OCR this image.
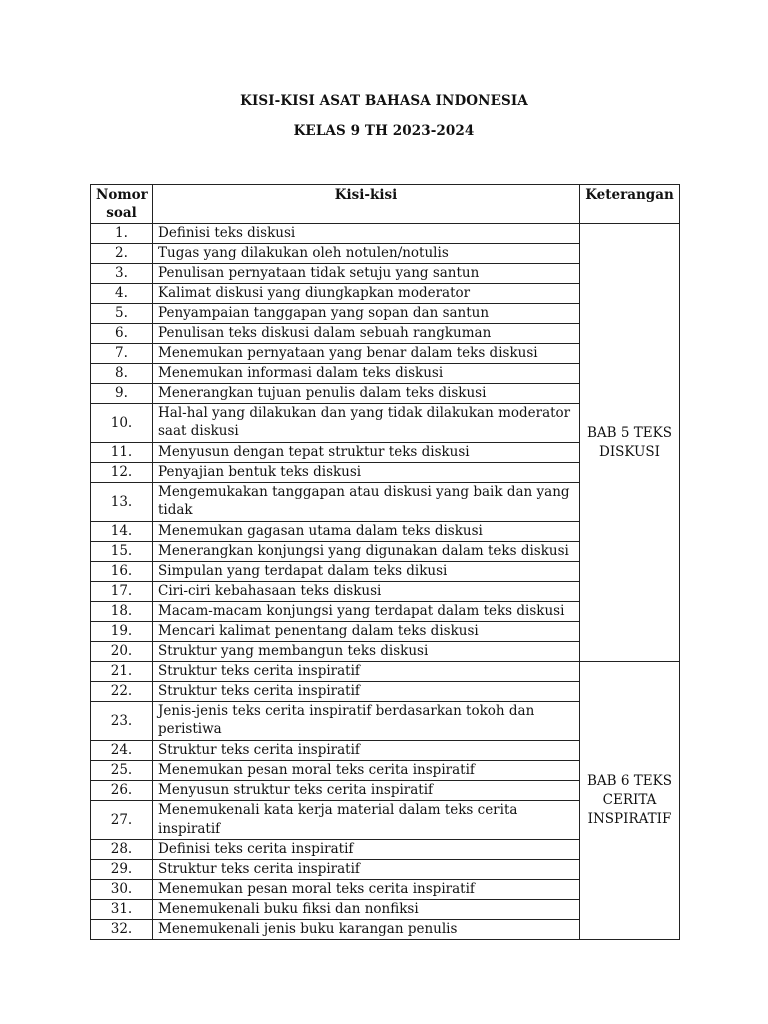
KISI-KISI ASAT BAHASA INDONESIA
KELAS 9 TH 2023-2024
Nomor soal	Kisi-kisi	Keterangan
1.	Definisi teks diskusi	BAB 5 TEKS DISKUSI
2.	Tugas yang dilakukan oleh notulen/notulis	
3.	Penulisan pernyataan tidak setuju yang santun	
4.	Kalimat diskusi yang diungkapkan moderator	
5.	Penyampaian tanggapan yang sopan dan santun	
6.	Penulisan teks diskusi dalam sebuah rangkuman	
7.	Menemukan pernyataan yang benar dalam teks diskusi	
8.	Menemukan informasi dalam teks diskusi	
9.	Menerangkan tujuan penulis dalam teks diskusi	
10.	Hal-hal yang dilakukan dan yang tidak dilakukan moderator saat diskusi	
11.	Menyusun dengan tepat struktur teks diskusi	
12.	Penyajian bentuk teks diskusi	
13.	Mengemukakan tanggapan atau diskusi yang baik dan yang tidak	
14.	Menemukan gagasan utama dalam teks diskusi	
15.	Menerangkan konjungsi yang digunakan dalam teks diskusi	
16.	Simpulan yang terdapat dalam teks dikusi	
17.	Ciri-ciri kebahasaan teks diskusi	
18.	Macam-macam konjungsi yang terdapat dalam teks diskusi	
19.	Mencari kalimat penentang dalam teks diskusi	
20.	Struktur yang membangun teks diskusi	
21.	Struktur teks cerita inspiratif	BAB 6 TEKS CERITA INSPIRATIF
22.	Struktur teks cerita inspiratif	
23.	Jenis-jenis teks cerita inspiratif berdasarkan tokoh dan peristiwa	
24.	Struktur teks cerita inspiratif	
25.	Menemukan pesan moral teks cerita inspiratif	
26.	Menyusun struktur teks cerita inspiratif	
27.	Menemukenali kata kerja material dalam teks cerita inspiratif	
28.	Definisi teks cerita inspiratif	
29.	Struktur teks cerita inspiratif	
30.	Menemukan pesan moral teks cerita inspiratif	
31.	Menemukenali buku fiksi dan nonfiksi	
32.	Menemukenali jenis buku karangan penulis	
